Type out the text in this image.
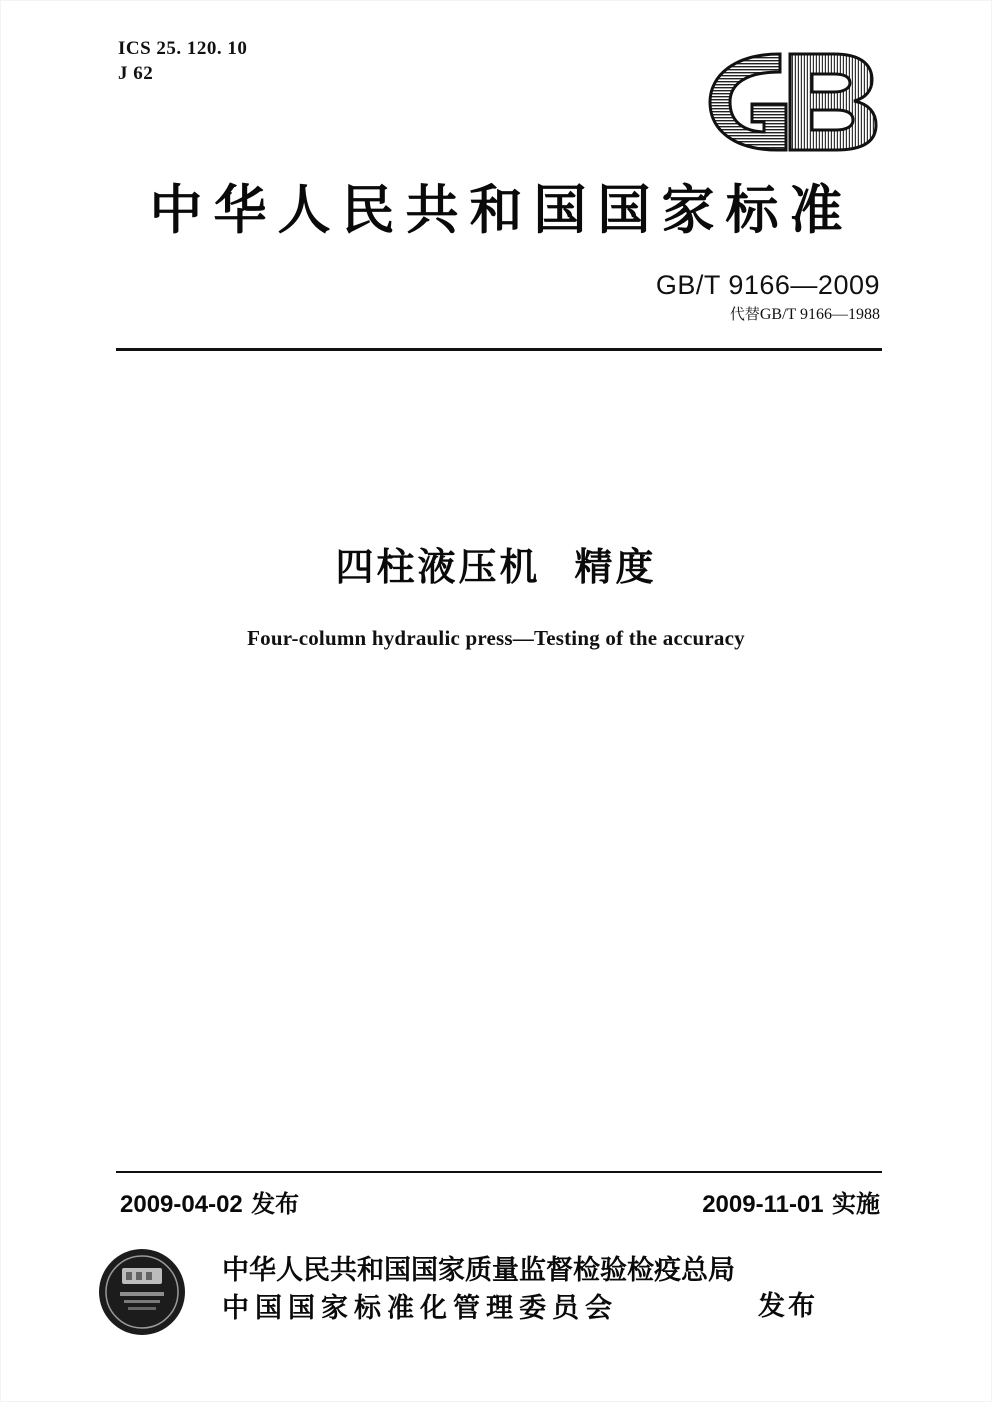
ICS 25. 120. 10
J 62
中华人民共和国国家标准
GB/T 9166—2009
代替GB/T 9166—1988
四柱液压机 精度
Four-column hydraulic press—Testing of the accuracy
2009-04-02 发布	2009-11-01 实施
中华人民共和国国家质量监督检验检疫总局
中国国家标准化管理委员会	发布
